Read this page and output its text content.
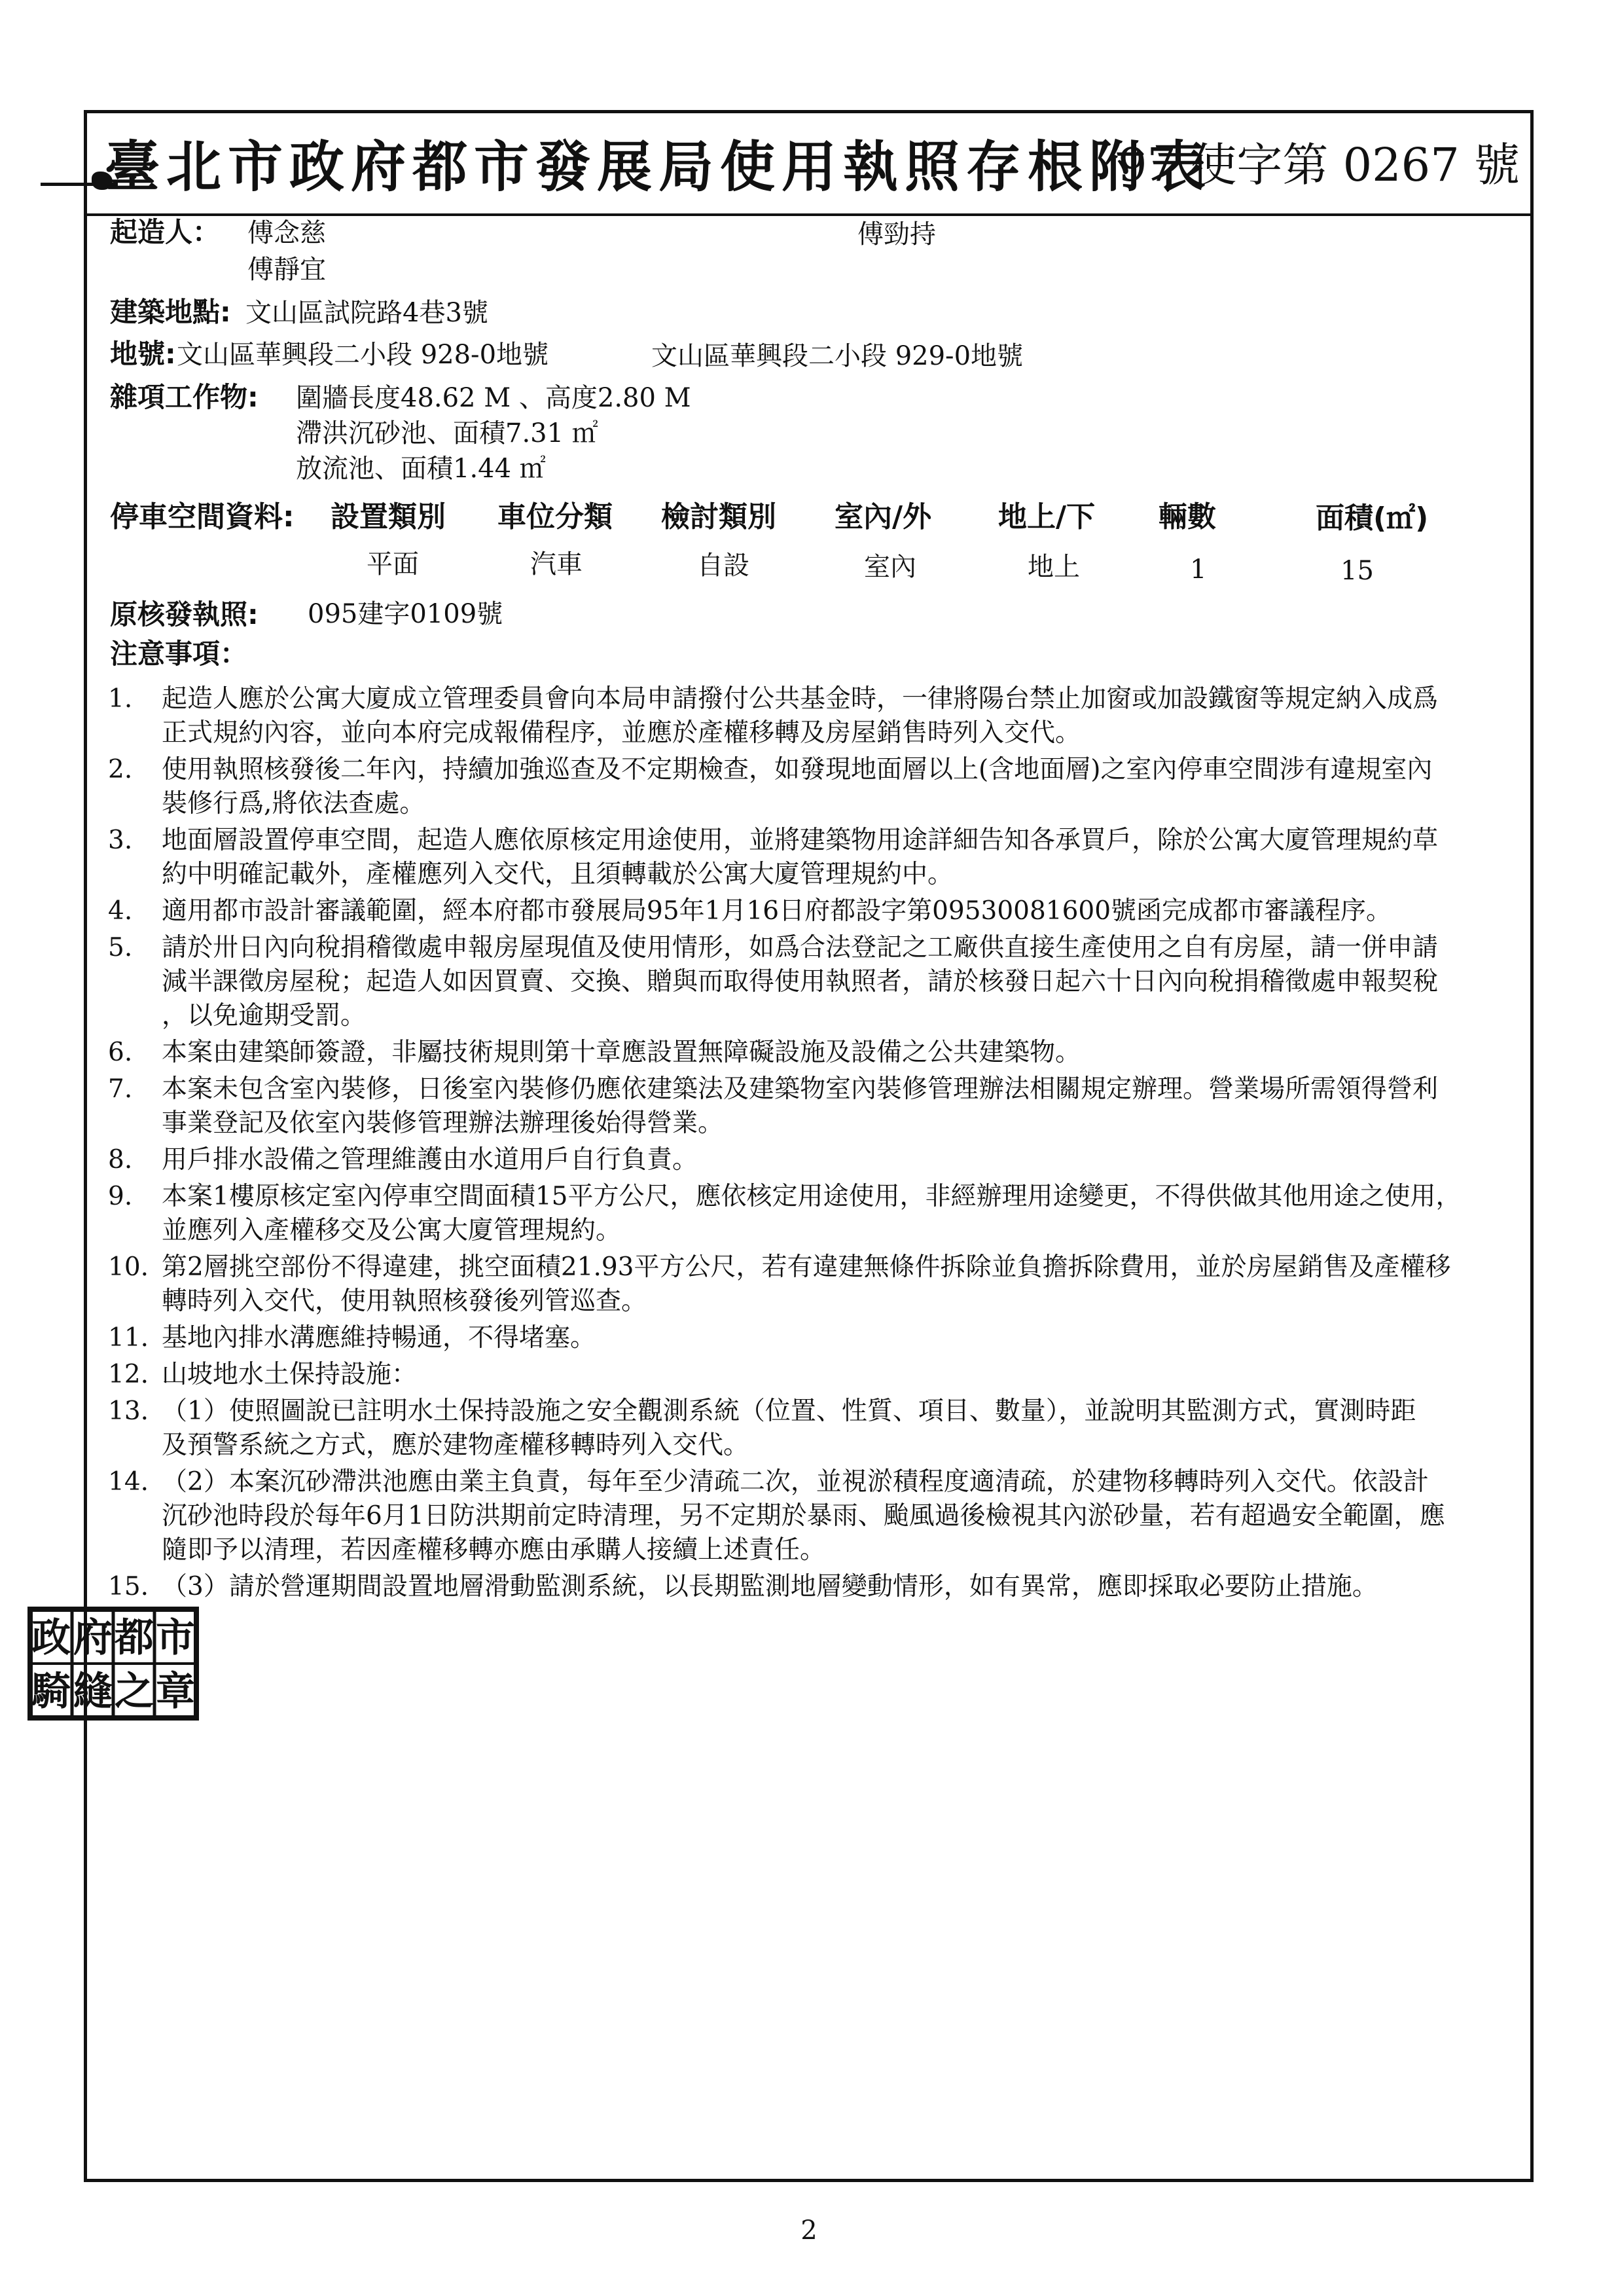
臺北市政府都市發展局使用執照存根附表
97 使字第 0267 號
起造人： 傅念慈	傅勁持
傅靜宜
建築地點: 文山區試院路4巷3號
地號: 文山區華興段二小段 928-0地號	文山區華興段二小段 929-0地號
雜項工作物: 圍牆長度48.62 M 、高度2.80 M
滯洪沉砂池、面積7.31 ㎡
放流池、面積1.44 ㎡
停車空間資料: 設置類別 車位分類 檢討類別 室內/外 地上/下 輛數	面積(㎡)
平面	汽車	自設	室內	地上	1	15
原核發執照: 095建字0109號
注意事項：
1.	起造人應於公寓大廈成立管理委員會向本局申請撥付公共基金時，一律將陽台禁止加窗或加設鐵窗等規定納入成爲
正式規約內容，並向本府完成報備程序，並應於產權移轉及房屋銷售時列入交代。
2.	使用執照核發後二年內，持續加強巡查及不定期檢查，如發現地面層以上(含地面層)之室內停車空間涉有違規室內
裝修行爲,將依法查處。
3.	地面層設置停車空間，起造人應依原核定用途使用，並將建築物用途詳細告知各承買戶，除於公寓大廈管理規約草
約中明確記載外，產權應列入交代，且須轉載於公寓大廈管理規約中。
4.	適用都市設計審議範圍，經本府都市發展局95年1月16日府都設字第09530081600號函完成都市審議程序。
5.	請於卅日內向稅捐稽徵處申報房屋現值及使用情形，如爲合法登記之工廠供直接生產使用之自有房屋，請一併申請
減半課徵房屋稅；起造人如因買賣、交換、贈與而取得使用執照者，請於核發日起六十日內向稅捐稽徵處申報契稅
，以免逾期受罰。
6.	本案由建築師簽證，非屬技術規則第十章應設置無障礙設施及設備之公共建築物。
7.	本案未包含室內裝修，日後室內裝修仍應依建築法及建築物室內裝修管理辦法相關規定辦理。營業場所需領得營利
事業登記及依室內裝修管理辦法辦理後始得營業。
8.	用戶排水設備之管理維護由水道用戶自行負責。
9.	本案1樓原核定室內停車空間面積15平方公尺，應依核定用途使用，非經辦理用途變更，不得供做其他用途之使用，
並應列入產權移交及公寓大廈管理規約。
10. 第2層挑空部份不得違建，挑空面積21.93平方公尺，若有違建無條件拆除並負擔拆除費用，並於房屋銷售及產權移
轉時列入交代，使用執照核發後列管巡查。
11. 基地內排水溝應維持暢通，不得堵塞。
12. 山坡地水土保持設施：
13. （1）使照圖說已註明水土保持設施之安全觀測系統（位置、性質、項目、數量），並說明其監測方式，實測時距
及預警系統之方式，應於建物產權移轉時列入交代。
14. （2）本案沉砂滯洪池應由業主負責，每年至少清疏二次，並視淤積程度適清疏，於建物移轉時列入交代。依設計
沉砂池時段於每年6月1日防洪期前定時清理，另不定期於暴雨、颱風過後檢視其內淤砂量，若有超過安全範圍，應
隨即予以清理，若因產權移轉亦應由承購人接續上述責任。
15. （3）請於營運期間設置地層滑動監測系統，以長期監測地層變動情形，如有異常，應即採取必要防止措施。
政 府 都 市
騎 縫 之 章
2
